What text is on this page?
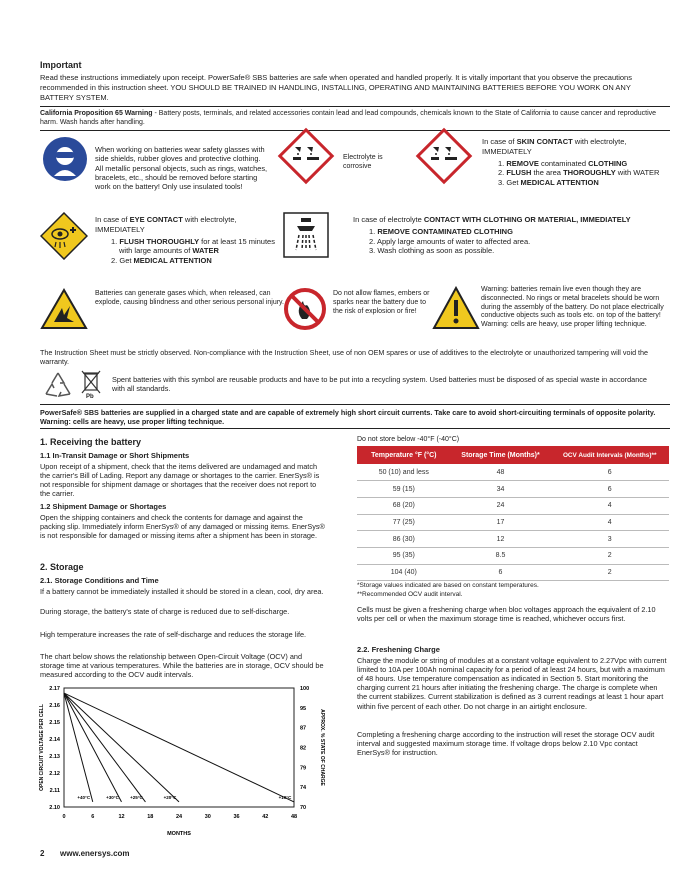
Important
Read these instructions immediately upon receipt. PowerSafe® SBS batteries are safe when operated and handled properly. It is vitally important that you observe the precautions recommended in this instruction sheet. YOU SHOULD BE TRAINED IN HANDLING, INSTALLING, OPERATING AND MAINTAINING BATTERIES BEFORE YOU WORK ON ANY BATTERY SYSTEM.
California Proposition 65 Warning - Battery posts, terminals, and related accessories contain lead and lead compounds, chemicals known to the State of California to cause cancer and reproductive harm. Wash hands after handling.
When working on batteries wear safety glasses with side shields, rubber gloves and protective clothing. All metallic personal objects, such as rings, watches, bracelets, etc., should be removed before starting work on the battery! Only use insulated tools!
Electrolyte is corrosive
In case of SKIN CONTACT with electrolyte, IMMEDIATELY
1. REMOVE contaminated CLOTHING
2. FLUSH the area THOROUGHLY with WATER
3. Get MEDICAL ATTENTION
In case of EYE CONTACT with electrolyte, IMMEDIATELY
1. FLUSH THOROUGHLY for at least 15 minutes with large amounts of WATER
2. Get MEDICAL ATTENTION
In case of electrolyte CONTACT WITH CLOTHING OR MATERIAL, IMMEDIATELY
1. REMOVE CONTAMINATED CLOTHING
2. Apply large amounts of water to affected area.
3. Wash clothing as soon as possible.
Batteries can generate gases which, when released, can explode, causing blindness and other serious personal injury.
Do not allow flames, embers or sparks near the battery due to the risk of explosion or fire!
Warning: batteries remain live even though they are disconnected. No rings or metal bracelets should be worn during the assembly of the battery. Do not place electrically conductive objects such as tools etc. on top of the battery! Warning: cells are heavy, use proper lifting technique.
The Instruction Sheet must be strictly observed. Non-compliance with the Instruction Sheet, use of non OEM spares or use of additives to the electrolyte or unauthorized tampering will void the warranty.
Pb
Spent batteries with this symbol are reusable products and have to be put into a recycling system. Used batteries must be disposed of as special waste in accordance with all standards.
PowerSafe® SBS batteries are supplied in a charged state and are capable of extremely high short circuit currents. Take care to avoid short-circuiting terminals of opposite polarity. Warning: cells are heavy, use proper lifting technique.
1. Receiving the battery
1.1 In-Transit Damage or Short Shipments
Upon receipt of a shipment, check that the items delivered are undamaged and match the carrier's Bill of Lading. Report any damage or shortages to the carrier. EnerSys® is not responsible for shipment damage or shortages that the receiver does not report to the carrier.
1.2 Shipment Damage or Shortages
Open the shipping containers and check the contents for damage and against the packing slip. Immediately inform EnerSys® of any damaged or missing items. EnerSys® is not responsible for damaged or missing items after a shipment has been in storage.
2. Storage
2.1. Storage Conditions and Time
If a battery cannot be immediately installed it should be stored in a clean, cool, dry area.
During storage, the battery's state of charge is reduced due to self-discharge.
High temperature increases the rate of self-discharge and reduces the storage life.
The chart below shows the relationship between Open-Circuit Voltage (OCV) and storage time at various temperatures. While the batteries are in storage, OCV should be measured according to the OCV audit intervals.
0	6	12	18	24	30	36	42	48
2.17
2.16
2.15
2.14
2.13
2.12
2.11
2.10
100
95
87
82
79
74
70
MONTHS
OPEN CIRCUIT VOLTAGE PER CELL	APPROX. % STATE OF CHARGE
+40°C	+30°C	+25°C	+20°C	+10°C
Do not store below -40°F (-40°C)
Temperature °F (°C)	Storage Time (Months)*	OCV Audit Intervals (Months)**
50 (10) and less	48	6
59 (15)	34	6
68 (20)	24	4
77 (25)	17	4
86 (30)	12	3
95 (35)	8.5	2
104 (40)	6	2
*Storage values indicated are based on constant temperatures.
**Recommended OCV audit interval.
Cells must be given a freshening charge when bloc voltages approach the equivalent of 2.10 volts per cell or when the maximum storage time is reached, whichever occurs first.
2.2. Freshening Charge
Charge the module or string of modules at a constant voltage equivalent to 2.27Vpc with current limited to 10A per 100Ah nominal capacity for a period of at least 24 hours, but with a maximum of 48 hours. Use temperature compensation as indicated in Section 5. Start monitoring the charging current 21 hours after initiating the freshening charge. The charge is complete when the current stabilizes. Current stabilization is defined as 3 current readings at least 1 hour apart within five percent of each other. Do not charge in an airtight enclosure.
Completing a freshening charge according to the instruction will reset the storage OCV audit interval and suggested maximum storage time. If voltage drops below 2.10 Vpc contact EnerSys® for instruction.
2 www.enersys.com
